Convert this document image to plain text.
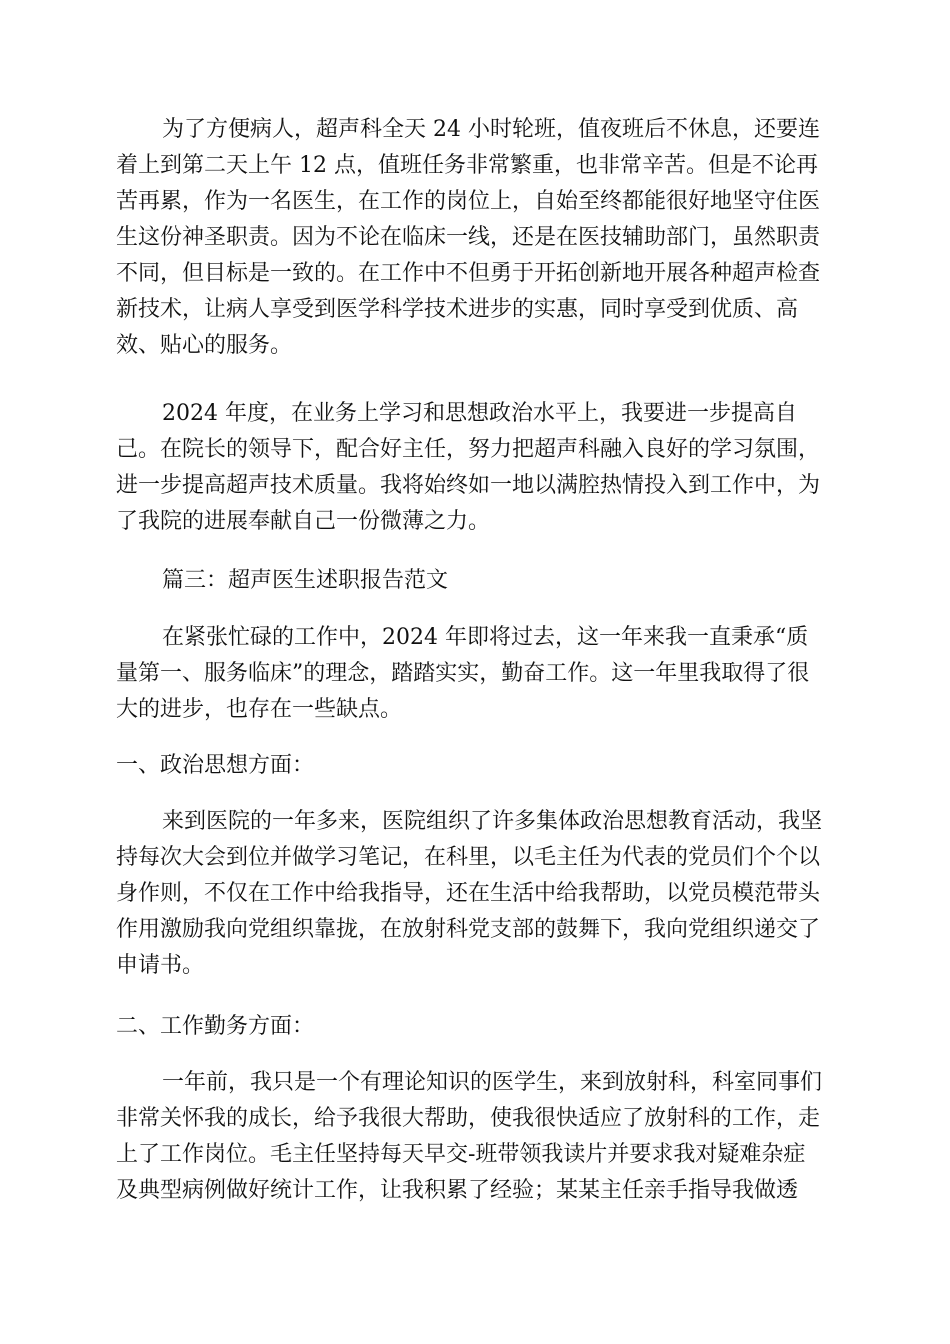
为了方便病人，超声科全天 24 小时轮班，值夜班后不休息，还要连
着上到第二天上午 12 点，值班任务非常繁重，也非常辛苦。但是不论再
苦再累，作为一名医生，在工作的岗位上，自始至终都能很好地坚守住医
生这份神圣职责。因为不论在临床一线，还是在医技辅助部门，虽然职责
不同，但目标是一致的。在工作中不但勇于开拓创新地开展各种超声检查
新技术，让病人享受到医学科学技术进步的实惠，同时享受到优质、高
效、贴心的服务。
2024 年度，在业务上学习和思想政治水平上，我要进一步提高自
己。在院长的领导下，配合好主任，努力把超声科融入良好的学习氛围，
进一步提高超声技术质量。我将始终如一地以满腔热情投入到工作中，为
了我院的进展奉献自己一份微薄之力。
篇三：超声医生述职报告范文
在紧张忙碌的工作中，2024 年即将过去，这一年来我一直秉承“质
量第一、服务临床”的理念，踏踏实实，勤奋工作。这一年里我取得了很
大的进步，也存在一些缺点。
一、政治思想方面：
来到医院的一年多来，医院组织了许多集体政治思想教育活动，我坚
持每次大会到位并做学习笔记，在科里，以毛主任为代表的党员们个个以
身作则，不仅在工作中给我指导，还在生活中给我帮助，以党员模范带头
作用激励我向党组织靠拢，在放射科党支部的鼓舞下，我向党组织递交了
申请书。
二、工作勤务方面：
一年前，我只是一个有理论知识的医学生，来到放射科，科室同事们
非常关怀我的成长，给予我很大帮助，使我很快适应了放射科的工作，走
上了工作岗位。毛主任坚持每天早交-班带领我读片并要求我对疑难杂症
及典型病例做好统计工作，让我积累了经验；某某主任亲手指导我做透
